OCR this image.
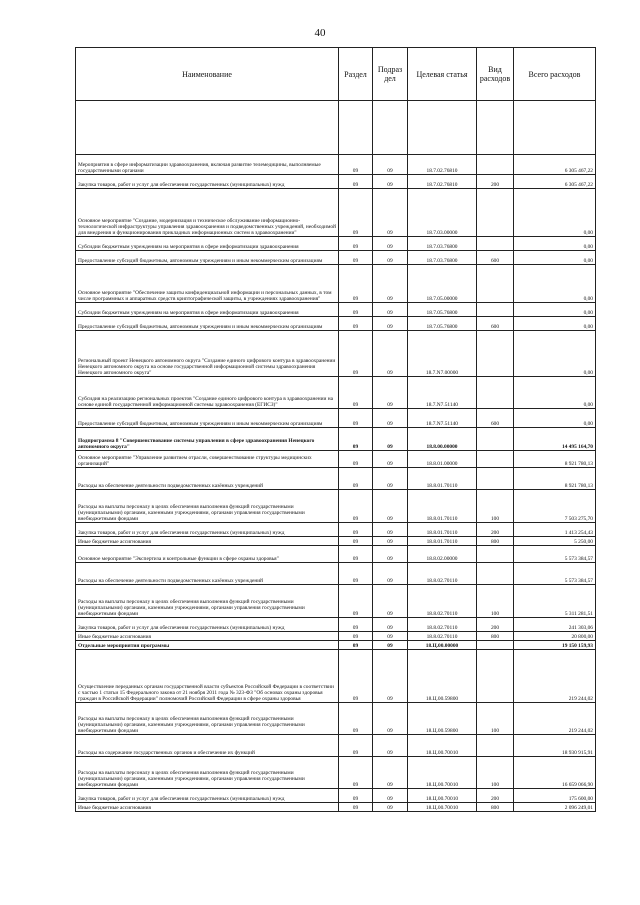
40
Наименование	Раздел	Подраз дел	Целевая статья	Вид расходов	Всего расходов

Мероприятия в сфере информатизации здравоохранения, включая развитие телемедицины, выполняемые государственными органами	09	09	18.7.02.76810		6 305 467,22
Закупка товаров, работ и услуг для обеспечения государственных (муниципальных) нужд	09	09	18.7.02.76810	200	6 305 467,22
Основное мероприятие "Создание, модернизация и техническое обслуживание информационно-технологической инфраструктуры управления здравоохранения и подведомственных учреждений, необходимой для внедрения и функционирования прикладных информационных систем в здравоохранении"	09	09	18.7.03.00000		0,00
Субсидии бюджетным учреждениям на мероприятия в сфере информатизации здравоохранения	09	09	18.7.03.76800		0,00
Предоставление субсидий бюджетным, автономным учреждениям и иным некоммерческим организациям	09	09	18.7.03.76800	600	0,00
Основное мероприятие "Обеспечение защиты конфиденциальной информации и персональных данных, в том числе программных и аппаратных средств криптографической защиты, в учреждениях здравоохранения"	09	09	18.7.05.00000		0,00
Субсидии бюджетным учреждениям на мероприятия в сфере информатизации здравоохранения	09	09	18.7.05.76800		0,00
Предоставление субсидий бюджетным, автономным учреждениям и иным некоммерческим организациям	09	09	18.7.05.76800	600	0,00
Региональный проект Ненецкого автономного округа "Создание единого цифрового контура в здравоохранении Ненецкого автономного округа на основе государственной информационной системы здравоохранения Ненецкого автономного округа"	09	09	18.7.N7.00000		0,00
Субсидия на реализацию региональных проектов "Создание единого цифрового контура в здравоохранении на основе единой государственной информационной системы здравоохранения (ЕГИСЗ)"	09	09	18.7.N7.51140		0,00
Предоставление субсидий бюджетным, автономным учреждениям и иным некоммерческим организациям	09	09	18.7.N7.51140	600	0,00
Подпрограмма 8 "Совершенствование системы управления в сфере здравоохранения Ненецкого автономного округа"	09	09	18.8.00.00000		14 495 164,70
Основное мероприятие "Управление развитием отрасли, совершенствование структуры медицинских организаций"	09	09	18.8.01.00000		8 921 780,13
Расходы на обеспечение деятельности подведомственных казённых учреждений	09	09	18.8.01.70110		8 921 780,13
Расходы на выплаты персоналу в целях обеспечения выполнения функций государственными (муниципальными) органами, казенными учреждениями, органами управления государственными внебюджетными фондами	09	09	18.8.01.70110	100	7 503 275,70
Закупка товаров, работ и услуг для обеспечения государственных (муниципальных) нужд	09	09	18.8.01.70110	200	1 413 254,43
Иные бюджетные ассигнования	09	09	18.8.01.70110	800	5 250,00
Основное мероприятие "Экспертиза и контрольные функции в сфере охраны здоровья"	09	09	18.8.02.00000		5 573 384,57
Расходы на обеспечение деятельности подведомственных казённых учреждений	09	09	18.8.02.70110		5 573 384,57
Расходы на выплаты персоналу в целях обеспечения выполнения функций государственными (муниципальными) органами, казенными учреждениями, органами управления государственными внебюджетными фондами	09	09	18.8.02.70110	100	5 311 281,51
Закупка товаров, работ и услуг для обеспечения государственных (муниципальных) нужд	09	09	18.8.02.70110	200	241 303,06
Иные бюджетные ассигнования	09	09	18.8.02.70110	800	20 800,00
Отдельные мероприятия программы	09	09	18.Ц.00.00000		19 150 159,93
Осуществление переданных органам государственной власти субъектов Российской Федерации в соответствии с частью 1 статьи 15 Федерального закона от 21 ноября 2011 года № 323-ФЗ "Об основах охраны здоровья граждан в Российской Федерации" полномочий Российской Федерации в сфере охраны здоровья	09	09	18.Ц.00.59800		219 244,02
Расходы на выплаты персоналу в целях обеспечения выполнения функций государственными (муниципальными) органами, казенными учреждениями, органами управления государственными внебюджетными фондами	09	09	18.Ц.00.59800	100	219 244,02
Расходы на содержание государственных органов и обеспечение их функций	09	09	18.Ц.00.70010		18 930 915,91
Расходы на выплаты персоналу в целях обеспечения выполнения функций государственными (муниципальными) органами, казенными учреждениями, органами управления государственными внебюджетными фондами	09	09	18.Ц.00.70010	100	16 659 066,90
Закупка товаров, работ и услуг для обеспечения государственных (муниципальных) нужд	09	09	18.Ц.00.70010	200	175 600,00
Иные бюджетные ассигнования	09	09	18.Ц.00.70010	800	2 096 249,01
